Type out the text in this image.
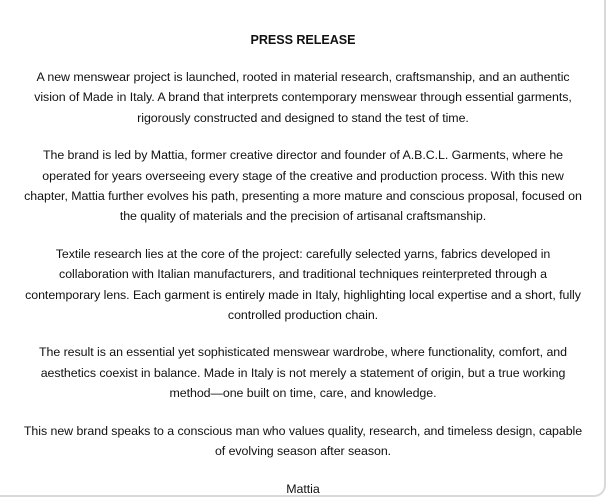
PRESS RELEASE

A new menswear project is launched, rooted in material research, craftsmanship, and an authentic vision of Made in Italy. A brand that interprets contemporary menswear through essential garments, rigorously constructed and designed to stand the test of time.

The brand is led by Mattia, former creative director and founder of A.B.C.L. Garments, where he operated for years overseeing every stage of the creative and production process. With this new chapter, Mattia further evolves his path, presenting a more mature and conscious proposal, focused on the quality of materials and the precision of artisanal craftsmanship.

Textile research lies at the core of the project: carefully selected yarns, fabrics developed in collaboration with Italian manufacturers, and traditional techniques reinterpreted through a contemporary lens. Each garment is entirely made in Italy, highlighting local expertise and a short, fully controlled production chain.

The result is an essential yet sophisticated menswear wardrobe, where functionality, comfort, and aesthetics coexist in balance. Made in Italy is not merely a statement of origin, but a true working method—one built on time, care, and knowledge.

This new brand speaks to a conscious man who values quality, research, and timeless design, capable of evolving season after season.

Mattia
